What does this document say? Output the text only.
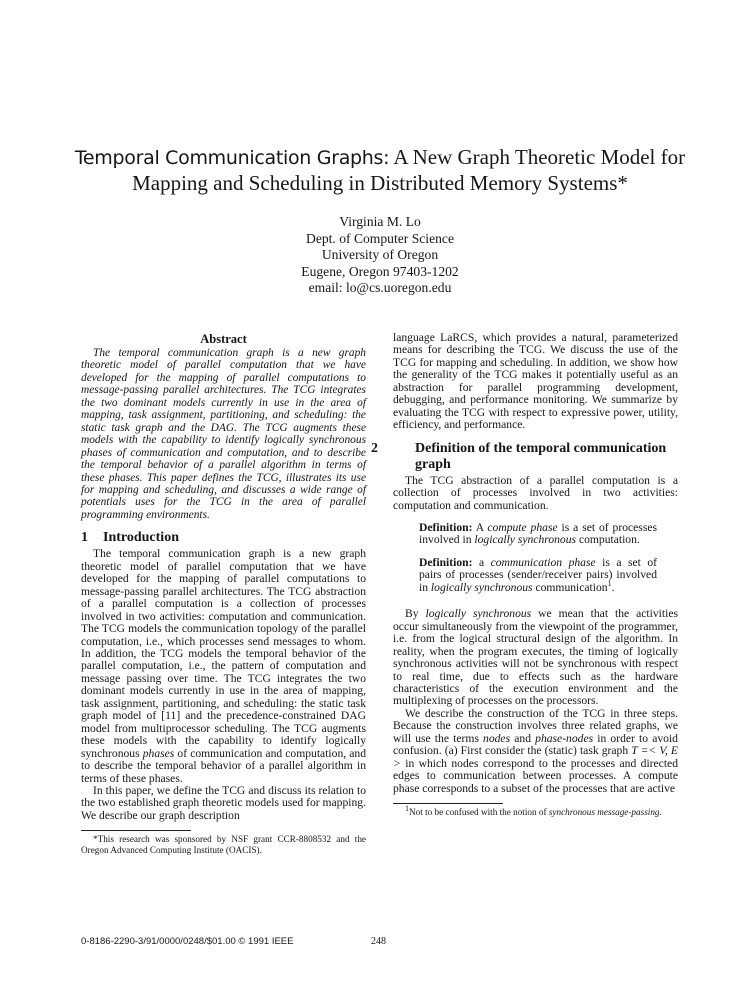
Temporal Communication Graphs: A New Graph Theoretic Model for
Mapping and Scheduling in Distributed Memory Systems*
Virginia M. Lo
Dept. of Computer Science
University of Oregon
Eugene, Oregon 97403-1202
email: lo@cs.uoregon.edu
Abstract

The temporal communication graph is a new graph theoretic model of parallel computation that we have developed for the mapping of parallel computations to message-passing parallel architectures. The TCG integrates the two dominant models currently in use in the area of mapping, task assignment, partitioning, and scheduling: the static task graph and the DAG. The TCG augments these models with the capability to identify logically synchronous phases of communication and computation, and to describe the temporal behavior of a parallel algorithm in terms of these phases. This paper defines the TCG, illustrates its use for mapping and scheduling, and discusses a wide range of potentials uses for the TCG in the area of parallel programming environments.

1 Introduction

The temporal communication graph is a new graph theoretic model of parallel computation that we have developed for the mapping of parallel computations to message-passing parallel architectures. The TCG abstraction of a parallel computation is a collection of processes involved in two activities: computation and communication. The TCG models the communication topology of the parallel computation, i.e., which processes send messages to whom. In addition, the TCG models the temporal behavior of the parallel computation, i.e., the pattern of computation and message passing over time. The TCG integrates the two dominant models currently in use in the area of mapping, task assignment, partitioning, and scheduling: the static task graph model of [11] and the precedence-constrained DAG model from multiprocessor scheduling. The TCG augments these models with the capability to identify logically synchronous phases of communication and computation, and to describe the temporal behavior of a parallel algorithm in terms of these phases.

In this paper, we define the TCG and discuss its relation to the two established graph theoretic models used for mapping. We describe our graph description

*This research was sponsored by NSF grant CCR-8808532 and the Oregon Advanced Computing Institute (OACIS).

language LaRCS, which provides a natural, parameterized means for describing the TCG. We discuss the use of the TCG for mapping and scheduling. In addition, we show how the generality of the TCG makes it potentially useful as an abstraction for parallel programming development, debugging, and performance monitoring. We summarize by evaluating the TCG with respect to expressive power, utility, efficiency, and performance.

2	Definition of the temporal communication graph

The TCG abstraction of a parallel computation is a collection of processes involved in two activities: computation and communication.

Definition: A compute phase is a set of processes involved in logically synchronous computation.

Definition: a communication phase is a set of pairs of processes (sender/receiver pairs) involved in logically synchronous communication$^1$.

By logically synchronous we mean that the activities occur simultaneously from the viewpoint of the programmer, i.e. from the logical structural design of the algorithm. In reality, when the program executes, the timing of logically synchronous activities will not be synchronous with respect to real time, due to effects such as the hardware characteristics of the execution environment and the multiplexing of processes on the processors.

We describe the construction of the TCG in three steps. Because the construction involves three related graphs, we will use the terms nodes and phase-nodes in order to avoid confusion. (a) First consider the (static) task graph T =< V, E > in which nodes correspond to the processes and directed edges to communication between processes. A compute phase corresponds to a subset of the processes that are active

$^1$Not to be confused with the notion of synchronous message-passing.

0-8186-2290-3/91/0000/0248/$01.00 © 1991 IEEE	248
